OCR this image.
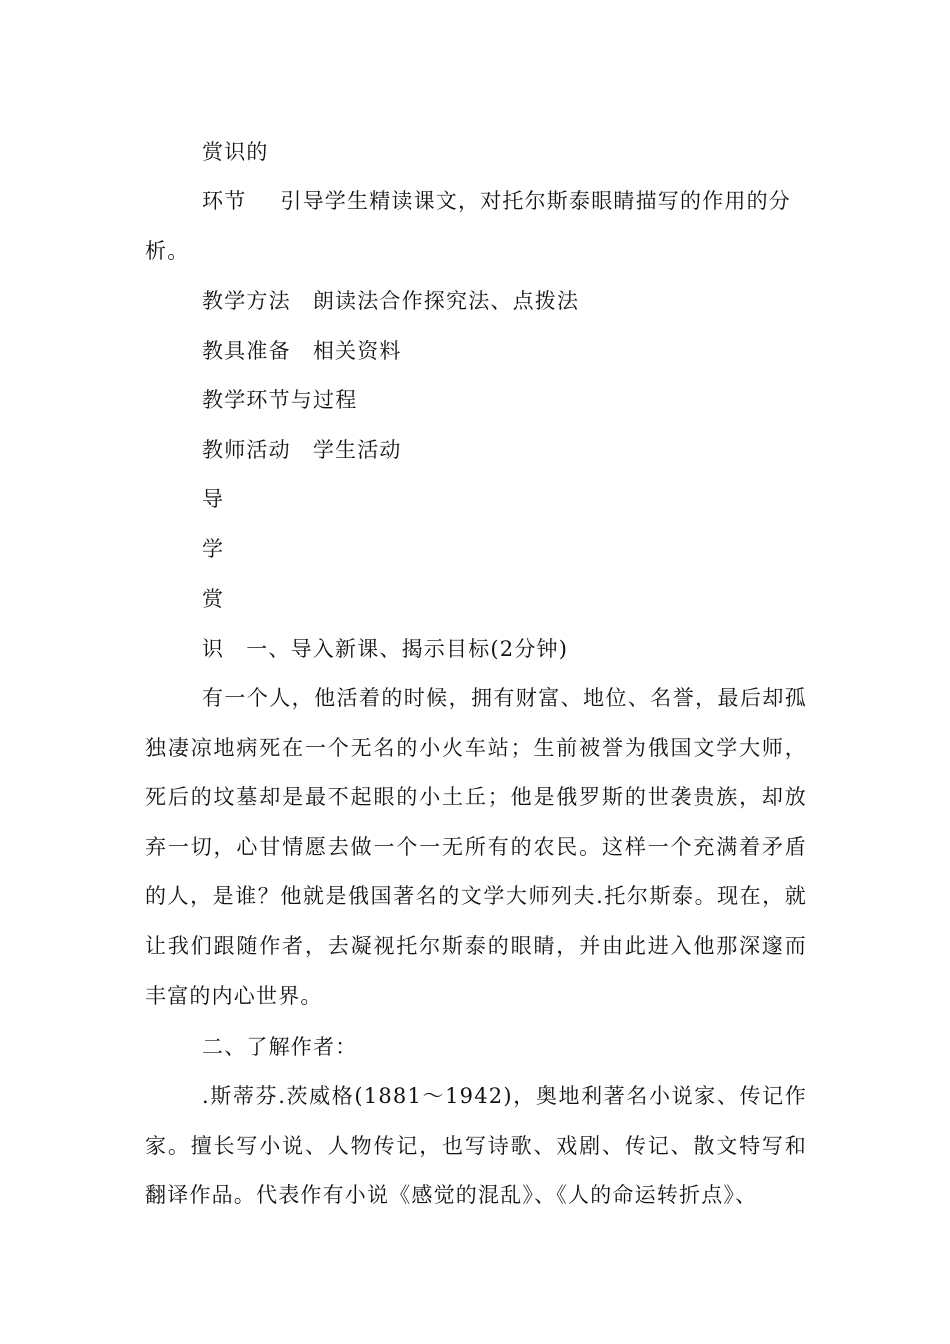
赏识的
环节 引导学生精读课文，对托尔斯泰眼睛描写的作用的分
析。
教学方法 朗读法合作探究法、点拨法
教具准备 相关资料
教学环节与过程
教师活动 学生活动
导
学
赏
识 一、导入新课、揭示目标(2分钟)
有一个人，他活着的时候，拥有财富、地位、名誉，最后却孤独凄凉地病死在一个无名的小火车站；生前被誉为俄国文学大师，死后的坟墓却是最不起眼的小土丘；他是俄罗斯的世袭贵族，却放弃一切，心甘情愿去做一个一无所有的农民。这样一个充满着矛盾的人，是谁？他就是俄国著名的文学大师列夫.托尔斯泰。现在，就让我们跟随作者，去凝视托尔斯泰的眼睛，并由此进入他那深邃而丰富的内心世界。
二、了解作者：
.斯蒂芬.茨威格(1881～1942)，奥地利著名小说家、传记作家。擅长写小说、人物传记，也写诗歌、戏剧、传记、散文特写和翻译作品。代表作有小说《感觉的混乱》、《人的命运转折点》、
